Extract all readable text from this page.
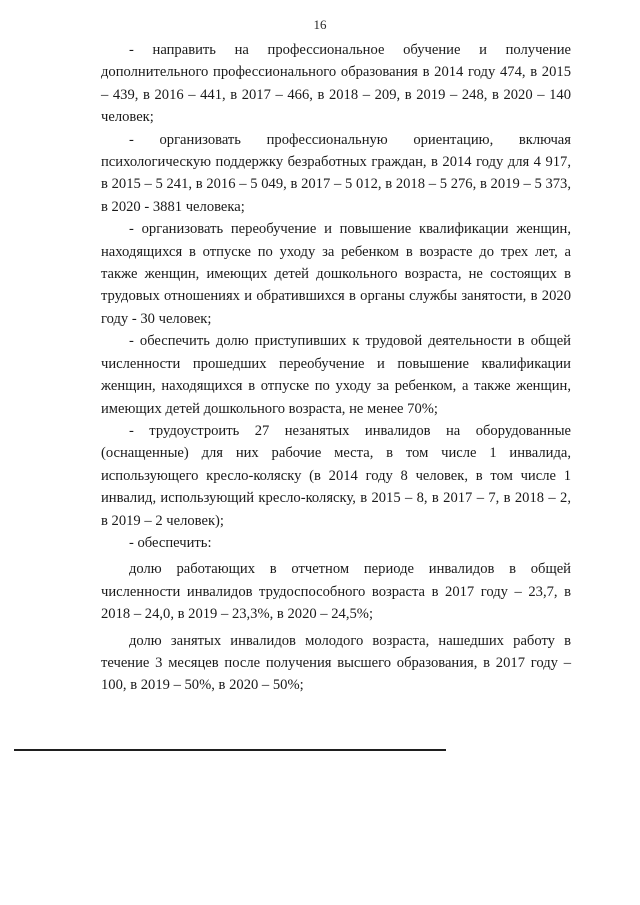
16

- направить на профессиональное обучение и получение дополнительного профессионального образования в 2014 году 474, в 2015 – 439, в 2016 – 441, в 2017 – 466, в 2018 – 209, в 2019 – 248, в 2020 – 140 человек;

- организовать профессиональную ориентацию, включая психологическую поддержку безработных граждан, в 2014 году для 4 917, в 2015 – 5 241, в 2016 – 5 049, в 2017 – 5 012, в 2018 – 5 276, в 2019 – 5 373, в 2020 - 3881 человека;

- организовать переобучение и повышение квалификации женщин, находящихся в отпуске по уходу за ребенком в возрасте до трех лет, а также женщин, имеющих детей дошкольного возраста, не состоящих в трудовых отношениях и обратившихся в органы службы занятости, в 2020 году - 30 человек;

- обеспечить долю приступивших к трудовой деятельности в общей численности прошедших переобучение и повышение квалификации женщин, находящихся в отпуске по уходу за ребенком, а также женщин, имеющих детей дошкольного возраста, не менее 70%;

- трудоустроить 27 незанятых инвалидов на оборудованные (оснащенные) для них рабочие места, в том числе 1 инвалида, использующего кресло-коляску (в 2014 году 8 человек, в том числе 1 инвалид, использующий кресло-коляску, в 2015 – 8, в 2017 – 7, в 2018 – 2, в 2019 – 2 человек);

- обеспечить:

долю работающих в отчетном периоде инвалидов в общей численности инвалидов трудоспособного возраста в 2017 году – 23,7, в 2018 – 24,0, в 2019 – 23,3%, в 2020 – 24,5%;

долю занятых инвалидов молодого возраста, нашедших работу в течение 3 месяцев после получения высшего образования, в 2017 году – 100, в 2019 – 50%, в 2020 – 50%;
